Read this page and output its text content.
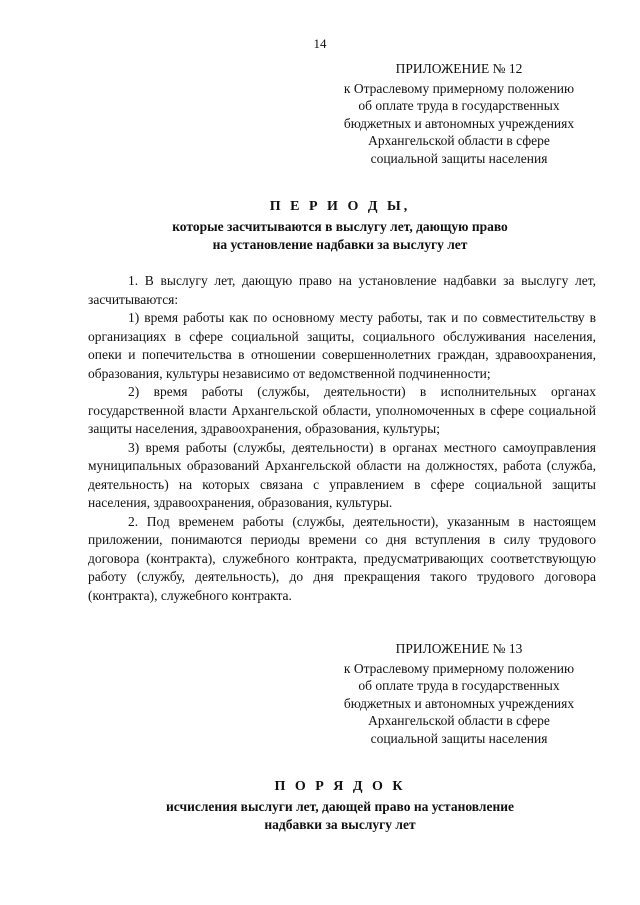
14
ПРИЛОЖЕНИЕ № 12
к Отраслевому примерному положению
об оплате труда в государственных
бюджетных и автономных учреждениях
Архангельской области в сфере
социальной защиты населения
П Е Р И О Д Ы,
которые засчитываются в выслугу лет, дающую право
на установление надбавки за выслугу лет

1. В выслугу лет, дающую право на установление надбавки за выслугу лет, засчитываются:

1) время работы как по основному месту работы, так и по совместительству в организациях в сфере социальной защиты, социального обслуживания населения, опеки и попечительства в отношении совершеннолетних граждан, здравоохранения, образования, культуры независимо от ведомственной подчиненности;

2) время работы (службы, деятельности) в исполнительных органах государственной власти Архангельской области, уполномоченных в сфере социальной защиты населения, здравоохранения, образования, культуры;

3) время работы (службы, деятельности) в органах местного самоуправления муниципальных образований Архангельской области на должностях, работа (служба, деятельность) на которых связана с управлением в сфере социальной защиты населения, здравоохранения, образования, культуры.

2. Под временем работы (службы, деятельности), указанным в настоящем приложении, понимаются периоды времени со дня вступления в силу трудового договора (контракта), служебного контракта, предусматривающих соответствующую работу (службу, деятельность), до дня прекращения такого трудового договора (контракта), служебного контракта.

ПРИЛОЖЕНИЕ № 13
к Отраслевому примерному положению
об оплате труда в государственных
бюджетных и автономных учреждениях
Архангельской области в сфере
социальной защиты населения
П О Р Я Д О К
исчисления выслуги лет, дающей право на установление
надбавки за выслугу лет
